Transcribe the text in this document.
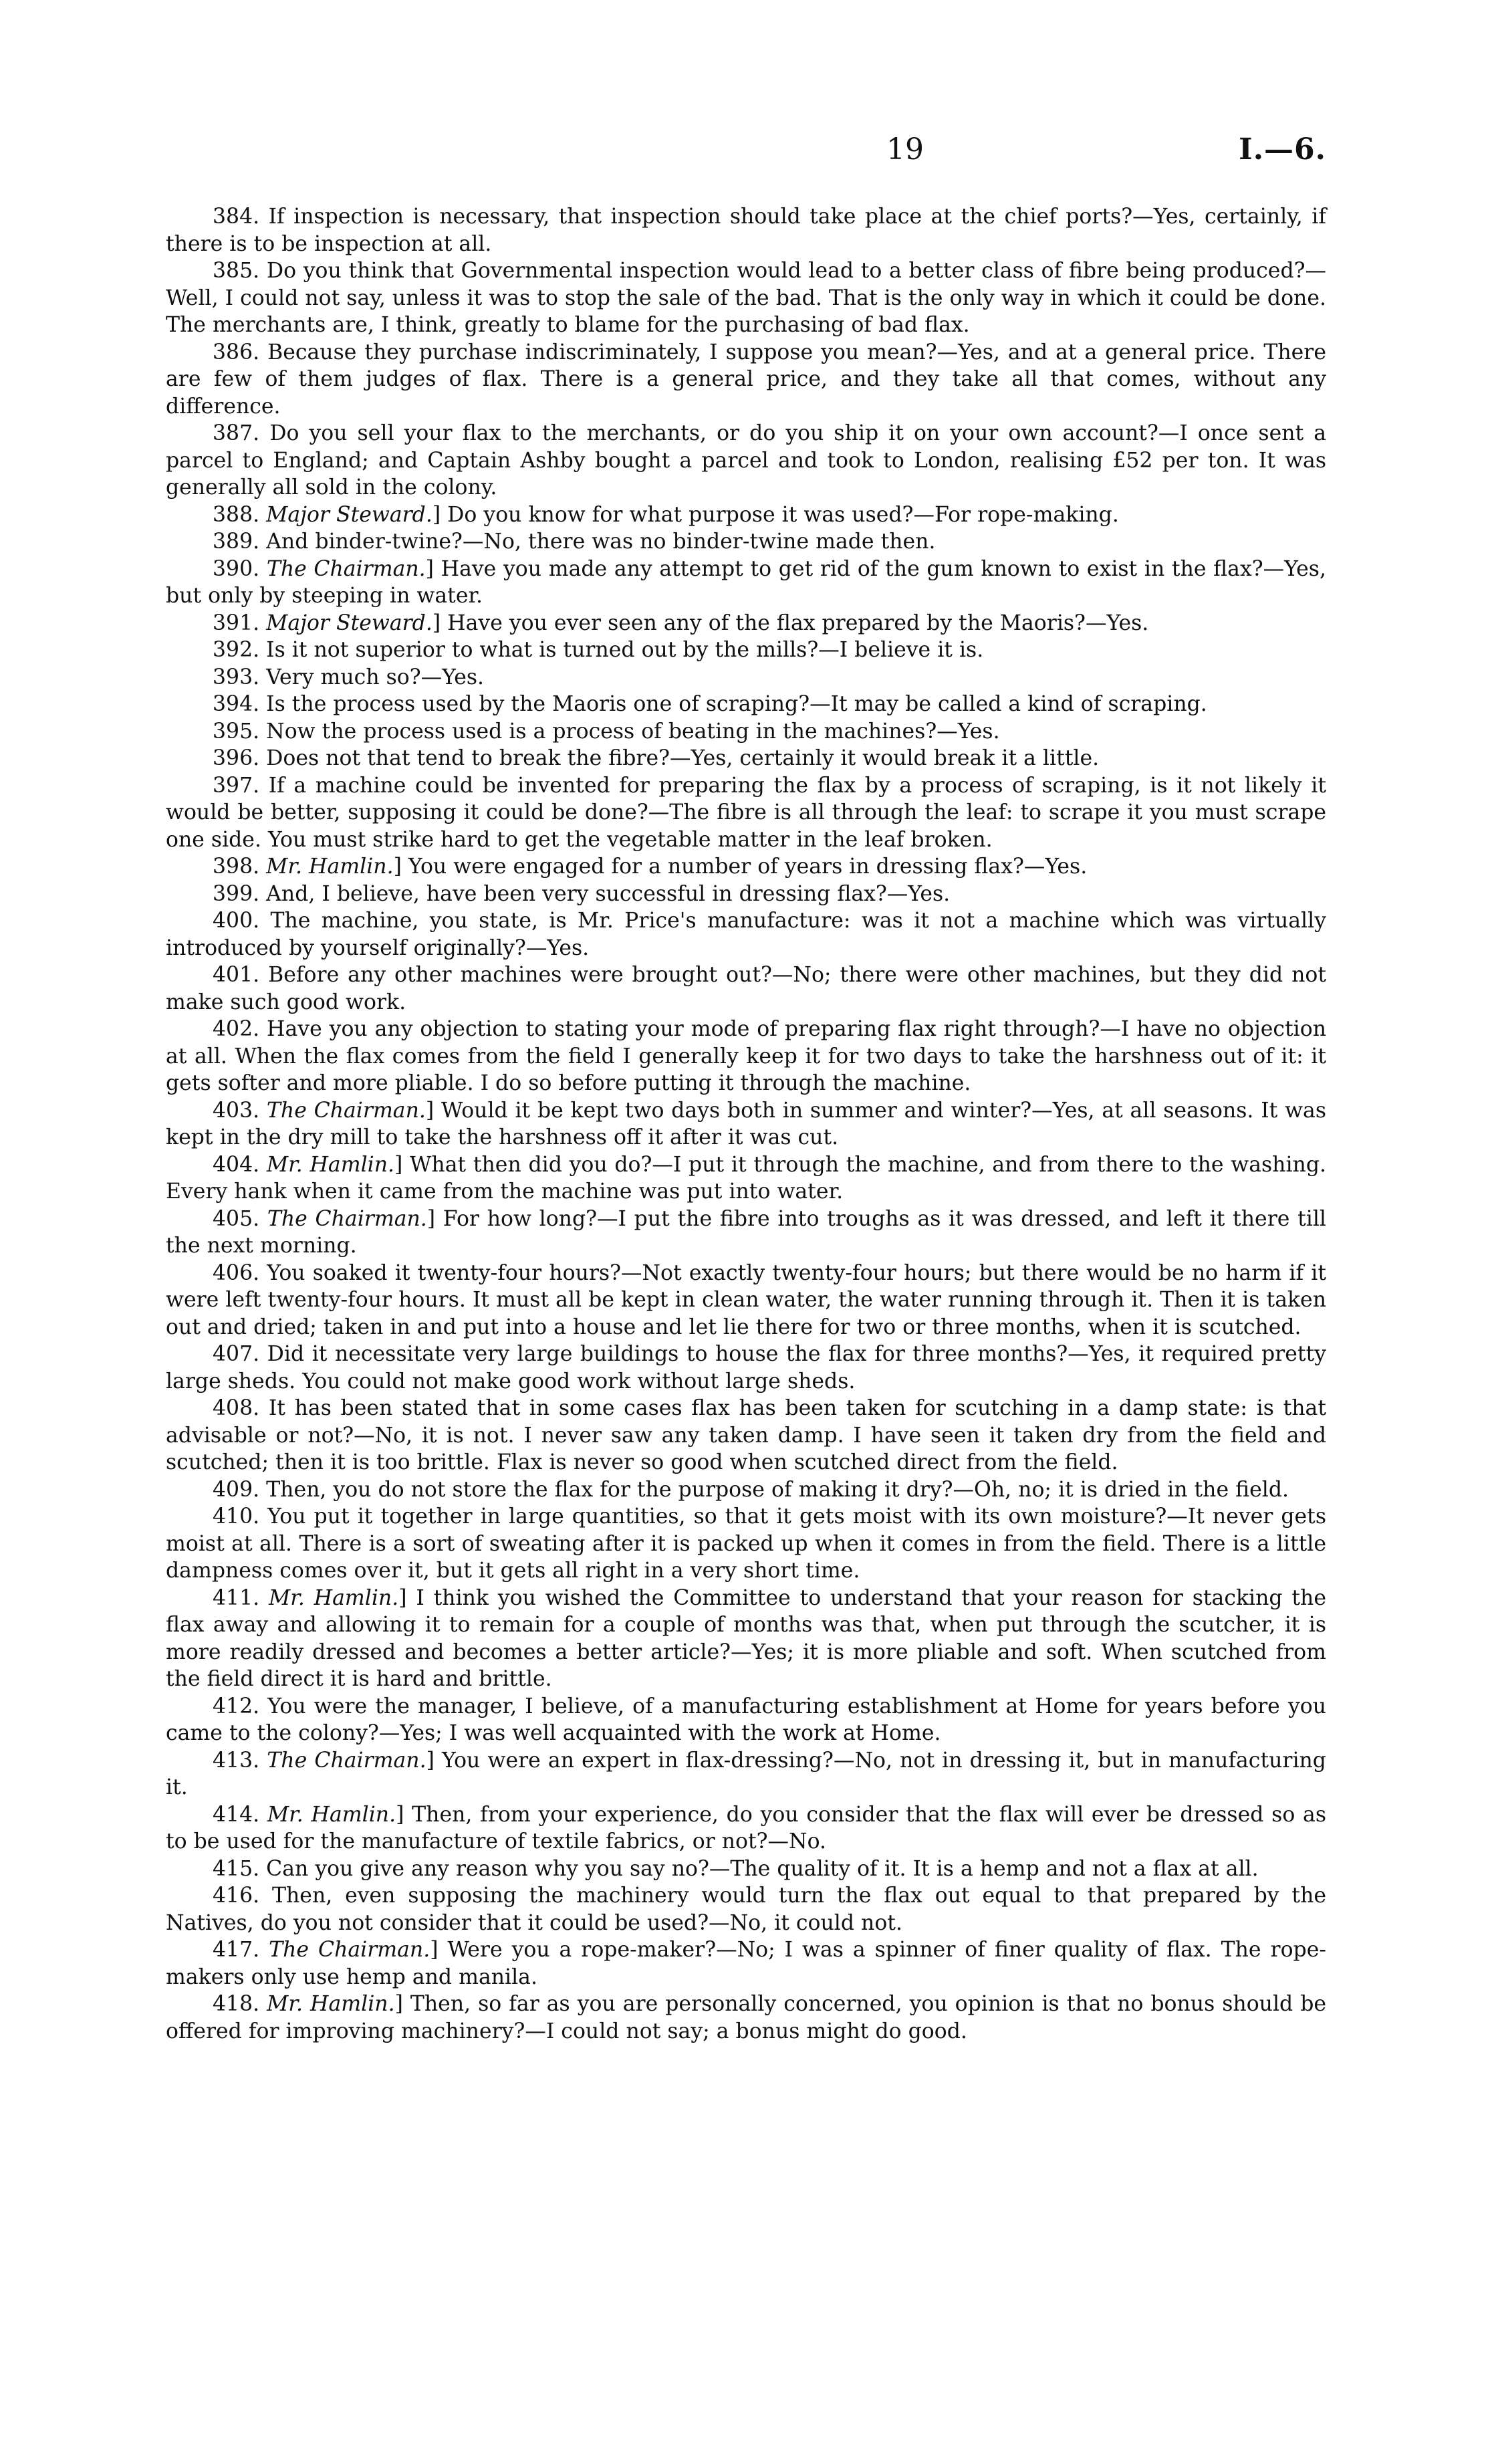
19	I.—6.

384. If inspection is necessary, that inspection should take place at the chief ports?—Yes, certainly, if there is to be inspection at all.

385. Do you think that Governmental inspection would lead to a better class of fibre being produced?—Well, I could not say, unless it was to stop the sale of the bad. That is the only way in which it could be done. The merchants are, I think, greatly to blame for the purchasing of bad flax.

386. Because they purchase indiscriminately, I suppose you mean?—Yes, and at a general price. There are few of them judges of flax. There is a general price, and they take all that comes, without any difference.

387. Do you sell your flax to the merchants, or do you ship it on your own account?—I once sent a parcel to England; and Captain Ashby bought a parcel and took to London, realising £52 per ton. It was generally all sold in the colony.

388. Major Steward.] Do you know for what purpose it was used?—For rope-making.

389. And binder-twine?—No, there was no binder-twine made then.

390. The Chairman.] Have you made any attempt to get rid of the gum known to exist in the flax?—Yes, but only by steeping in water.

391. Major Steward.] Have you ever seen any of the flax prepared by the Maoris?—Yes.

392. Is it not superior to what is turned out by the mills?—I believe it is.

393. Very much so?—Yes.

394. Is the process used by the Maoris one of scraping?—It may be called a kind of scraping.

395. Now the process used is a process of beating in the machines?—Yes.

396. Does not that tend to break the fibre?—Yes, certainly it would break it a little.

397. If a machine could be invented for preparing the flax by a process of scraping, is it not likely it would be better, supposing it could be done?—The fibre is all through the leaf: to scrape it you must scrape one side. You must strike hard to get the vegetable matter in the leaf broken.

398. Mr. Hamlin.] You were engaged for a number of years in dressing flax?—Yes.

399. And, I believe, have been very successful in dressing flax?—Yes.

400. The machine, you state, is Mr. Price's manufacture: was it not a machine which was virtually introduced by yourself originally?—Yes.

401. Before any other machines were brought out?—No; there were other machines, but they did not make such good work.

402. Have you any objection to stating your mode of preparing flax right through?—I have no objection at all. When the flax comes from the field I generally keep it for two days to take the harshness out of it: it gets softer and more pliable. I do so before putting it through the machine.

403. The Chairman.] Would it be kept two days both in summer and winter?—Yes, at all seasons. It was kept in the dry mill to take the harshness off it after it was cut.

404. Mr. Hamlin.] What then did you do?—I put it through the machine, and from there to the washing. Every hank when it came from the machine was put into water.

405. The Chairman.] For how long?—I put the fibre into troughs as it was dressed, and left it there till the next morning.

406. You soaked it twenty-four hours?—Not exactly twenty-four hours; but there would be no harm if it were left twenty-four hours. It must all be kept in clean water, the water running through it. Then it is taken out and dried; taken in and put into a house and let lie there for two or three months, when it is scutched.

407. Did it necessitate very large buildings to house the flax for three months?—Yes, it required pretty large sheds. You could not make good work without large sheds.

408. It has been stated that in some cases flax has been taken for scutching in a damp state: is that advisable or not?—No, it is not. I never saw any taken damp. I have seen it taken dry from the field and scutched; then it is too brittle. Flax is never so good when scutched direct from the field.

409. Then, you do not store the flax for the purpose of making it dry?—Oh, no; it is dried in the field.

410. You put it together in large quantities, so that it gets moist with its own moisture?—It never gets moist at all. There is a sort of sweating after it is packed up when it comes in from the field. There is a little dampness comes over it, but it gets all right in a very short time.

411. Mr. Hamlin.] I think you wished the Committee to understand that your reason for stacking the flax away and allowing it to remain for a couple of months was that, when put through the scutcher, it is more readily dressed and becomes a better article?—Yes; it is more pliable and soft. When scutched from the field direct it is hard and brittle.

412. You were the manager, I believe, of a manufacturing establishment at Home for years before you came to the colony?—Yes; I was well acquainted with the work at Home.

413. The Chairman.] You were an expert in flax-dressing?—No, not in dressing it, but in manufacturing it.

414. Mr. Hamlin.] Then, from your experience, do you consider that the flax will ever be dressed so as to be used for the manufacture of textile fabrics, or not?—No.

415. Can you give any reason why you say no?—The quality of it. It is a hemp and not a flax at all.

416. Then, even supposing the machinery would turn the flax out equal to that prepared by the Natives, do you not consider that it could be used?—No, it could not.

417. The Chairman.] Were you a rope-maker?—No; I was a spinner of finer quality of flax. The rope-makers only use hemp and manila.

418. Mr. Hamlin.] Then, so far as you are personally concerned, you opinion is that no bonus should be offered for improving machinery?—I could not say; a bonus might do good.
